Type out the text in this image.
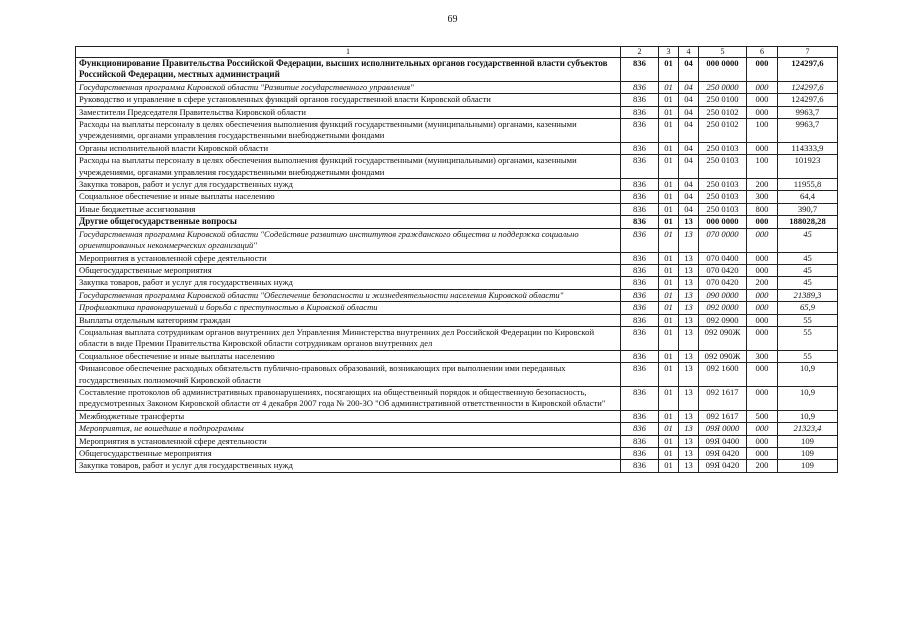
69
1	2	3	4	5	6	7
Функционирование Правительства Российской Федерации, высших исполнительных органов государственной власти субъектов Российской Федерации, местных администраций	836	01	04	000 0000	000	124297,6
Государственная программа Кировской области "Развитие государственного управления"	836	01	04	250 0000	000	124297,6
Руководство и управление в сфере установленных функций органов государственной власти Кировской области	836	01	04	250 0100	000	124297,6
Заместители Председателя Правительства Кировской области	836	01	04	250 0102	000	9963,7
Расходы на выплаты персоналу в целях обеспечения выполнения функций государственными (муниципальными) органами, казенными учреждениями, органами управления государственными внебюджетными фондами	836	01	04	250 0102	100	9963,7
Органы исполнительной власти Кировской области	836	01	04	250 0103	000	114333,9
Расходы на выплаты персоналу в целях обеспечения выполнения функций государственными (муниципальными) органами, казенными учреждениями, органами управления государственными внебюджетными фондами	836	01	04	250 0103	100	101923
Закупка товаров, работ и услуг для государственных нужд	836	01	04	250 0103	200	11955,8
Социальное обеспечение и иные выплаты населению	836	01	04	250 0103	300	64,4
Иные бюджетные ассигнования	836	01	04	250 0103	800	390,7
Другие общегосударственные вопросы	836	01	13	000 0000	000	188028,28
Государственная программа Кировской области "Содействие развитию институтов гражданского общества и поддержка социально ориентированных некоммерческих организаций"	836	01	13	070 0000	000	45
Мероприятия в установленной сфере деятельности	836	01	13	070 0400	000	45
Общегосударственные мероприятия	836	01	13	070 0420	000	45
Закупка товаров, работ и услуг для государственных нужд	836	01	13	070 0420	200	45
Государственная программа Кировской области "Обеспечение безопасности и жизнедеятельности населения Кировской области"	836	01	13	090 0000	000	21389,3
Профилактика правонарушений и борьба с преступностью в Кировской области	836	01	13	092 0000	000	65,9
Выплаты отдельным категориям граждан	836	01	13	092 0900	000	55
Социальная выплата сотрудникам органов внутренних дел Управления Министерства внутренних дел Российской Федерации по Кировской области в виде Премии Правительства Кировской области сотрудникам органов внутренних дел	836	01	13	092 090Ж	000	55
Социальное обеспечение и иные выплаты населению	836	01	13	092 090Ж	300	55
Финансовое обеспечение расходных обязательств публично-правовых образований, возникающих при выполнении ими переданных государственных полномочий Кировской области	836	01	13	092 1600	000	10,9
Составление протоколов об административных правонарушениях, посягающих на общественный порядок и общественную безопасность, предусмотренных Законом Кировской области от 4 декабря 2007 года № 200-ЗО "Об административной ответственности в Кировской области"	836	01	13	092 1617	000	10,9
Межбюджетные трансферты	836	01	13	092 1617	500	10,9
Мероприятия, не вошедшие в подпрограммы	836	01	13	09Я 0000	000	21323,4
Мероприятия в установленной сфере деятельности	836	01	13	09Я 0400	000	109
Общегосударственные мероприятия	836	01	13	09Я 0420	000	109
Закупка товаров, работ и услуг для государственных нужд	836	01	13	09Я 0420	200	109
